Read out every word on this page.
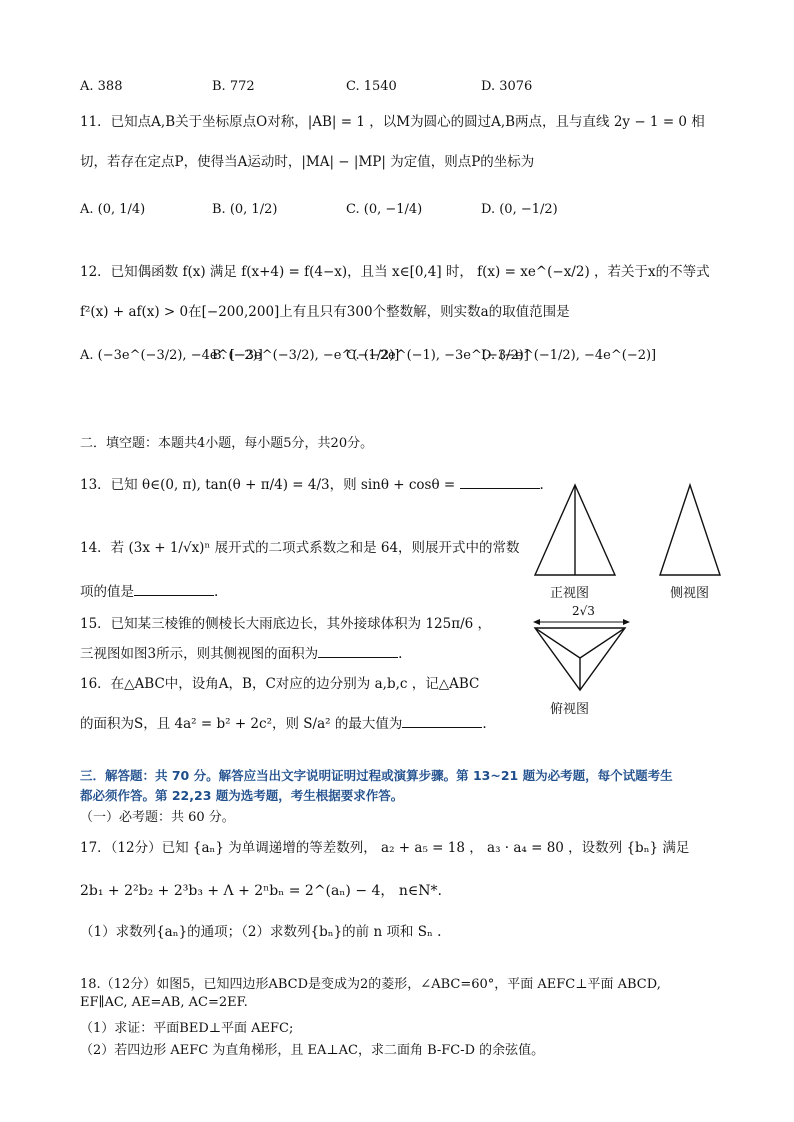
A. 388	B. 772	C. 1540	D. 3076
11．已知点A,B关于坐标原点O对称，|AB| = 1 ，以M为圆心的圆过A,B两点，且与直线 2y − 1 = 0 相
切，若存在定点P，使得当A运动时，|MA| − |MP| 为定值，则点P的坐标为
A. (0, 1/4)	B. (0, 1/2)	C. (0, −1/4)	D. (0, −1/2)
12．已知偶函数 f(x) 满足 f(x+4) = f(4−x)，且当 x∈[0,4] 时， f(x) = xe^(−x/2) ，若关于x的不等式
f²(x) + af(x) > 0在[−200,200]上有且只有300个整数解，则实数a的取值范围是
A. (−3e^(−3/2), −4e^(−2)]
B. [−3e^(−3/2), −e^(−1/2)]
C. (−2e^(−1), −3e^(−3/2)]
D. (−e^(−1/2), −4e^(−2)]
二．填空题：本题共4小题，每小题5分，共20分。
13．已知 θ∈(0, π), tan(θ + π/4) = 4/3，则 sinθ + cosθ =	.
14．若 (3x + 1/√x)ⁿ 展开式的二项式系数之和是 64，则展开式中的常数
项的值是	.
15．已知某三棱锥的侧棱长大雨底边长，其外接球体积为 125π/6 ，
三视图如图3所示，则其侧视图的面积为	.
16．在△ABC中，设角A，B，C对应的边分别为 a,b,c ，记△ABC
的面积为S，且 4a² = b² + 2c²，则 S/a² 的最大值为	.
正视图	侧视图
2√3
俯视图
三．解答题：共 70 分。解答应当出文字说明证明过程或演算步骤。第 13~21 题为必考题，每个试题考生
都必须作答。第 22,23 题为选考题，考生根据要求作答。
（一）必考题：共 60 分。
17．（12分）已知 {aₙ} 为单调递增的等差数列， a₂ + a₅ = 18 ， a₃ · a₄ = 80 ，设数列 {bₙ} 满足
2b₁ + 2²b₂ + 2³b₃ + Λ + 2ⁿbₙ = 2^(aₙ) − 4， n∈N*.
（1）求数列{aₙ}的通项；（2）求数列{bₙ}的前 n 项和 Sₙ .
18.（12分）如图5，已知四边形ABCD是变成为2的菱形，∠ABC=60°，平面 AEFC⊥平面 ABCD,
EF∥AC, AE=AB, AC=2EF.
（1）求证：平面BED⊥平面 AEFC;
（2）若四边形 AEFC 为直角梯形，且 EA⊥AC，求二面角 B-FC-D 的余弦值。
